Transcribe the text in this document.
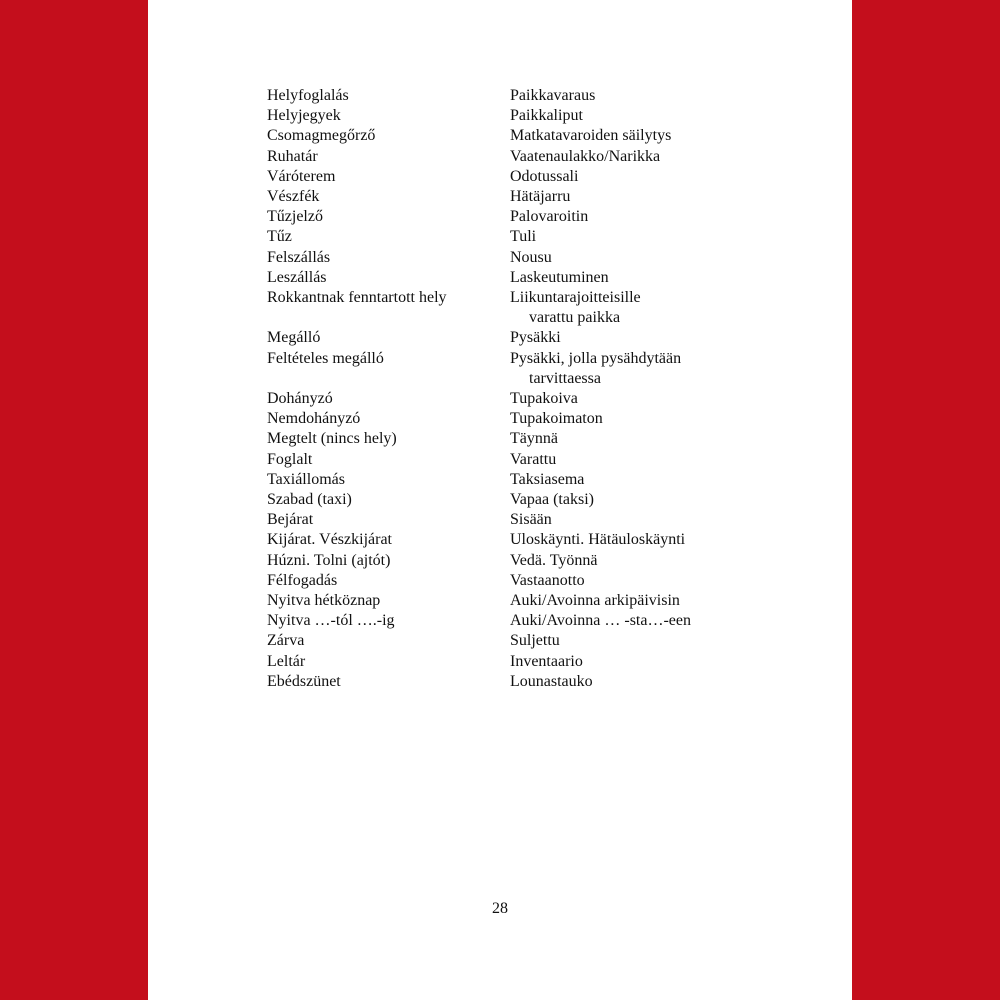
Helyfoglalás	Paikkavaraus
Helyjegyek	Paikkaliput
Csomagmegőrző	Matkatavaroiden säilytys
Ruhatár	Vaatenaulakko/Narikka
Váróterem	Odotussali
Vészfék	Hätäjarru
Tűzjelző	Palovaroitin
Tűz	Tuli
Felszállás	Nousu
Leszállás	Laskeutuminen
Rokkantnak fenntartott hely	Liikuntarajoitteisille
varattu paikka
Megálló	Pysäkki
Feltételes megálló	Pysäkki, jolla pysähdytään
tarvittaessa
Dohányzó	Tupakoiva
Nemdohányzó	Tupakoimaton
Megtelt (nincs hely)	Täynnä
Foglalt	Varattu
Taxiállomás	Taksiasema
Szabad (taxi)	Vapaa (taksi)
Bejárat	Sisään
Kijárat. Vészkijárat	Uloskäynti. Hätäuloskäynti
Húzni. Tolni (ajtót)	Vedä. Työnnä
Félfogadás	Vastaanotto
Nyitva hétköznap	Auki/Avoinna arkipäivisin
Nyitva …-tól ….-ig	Auki/Avoinna … -sta…-een
Zárva	Suljettu
Leltár	Inventaario
Ebédszünet	Lounastauko
28
